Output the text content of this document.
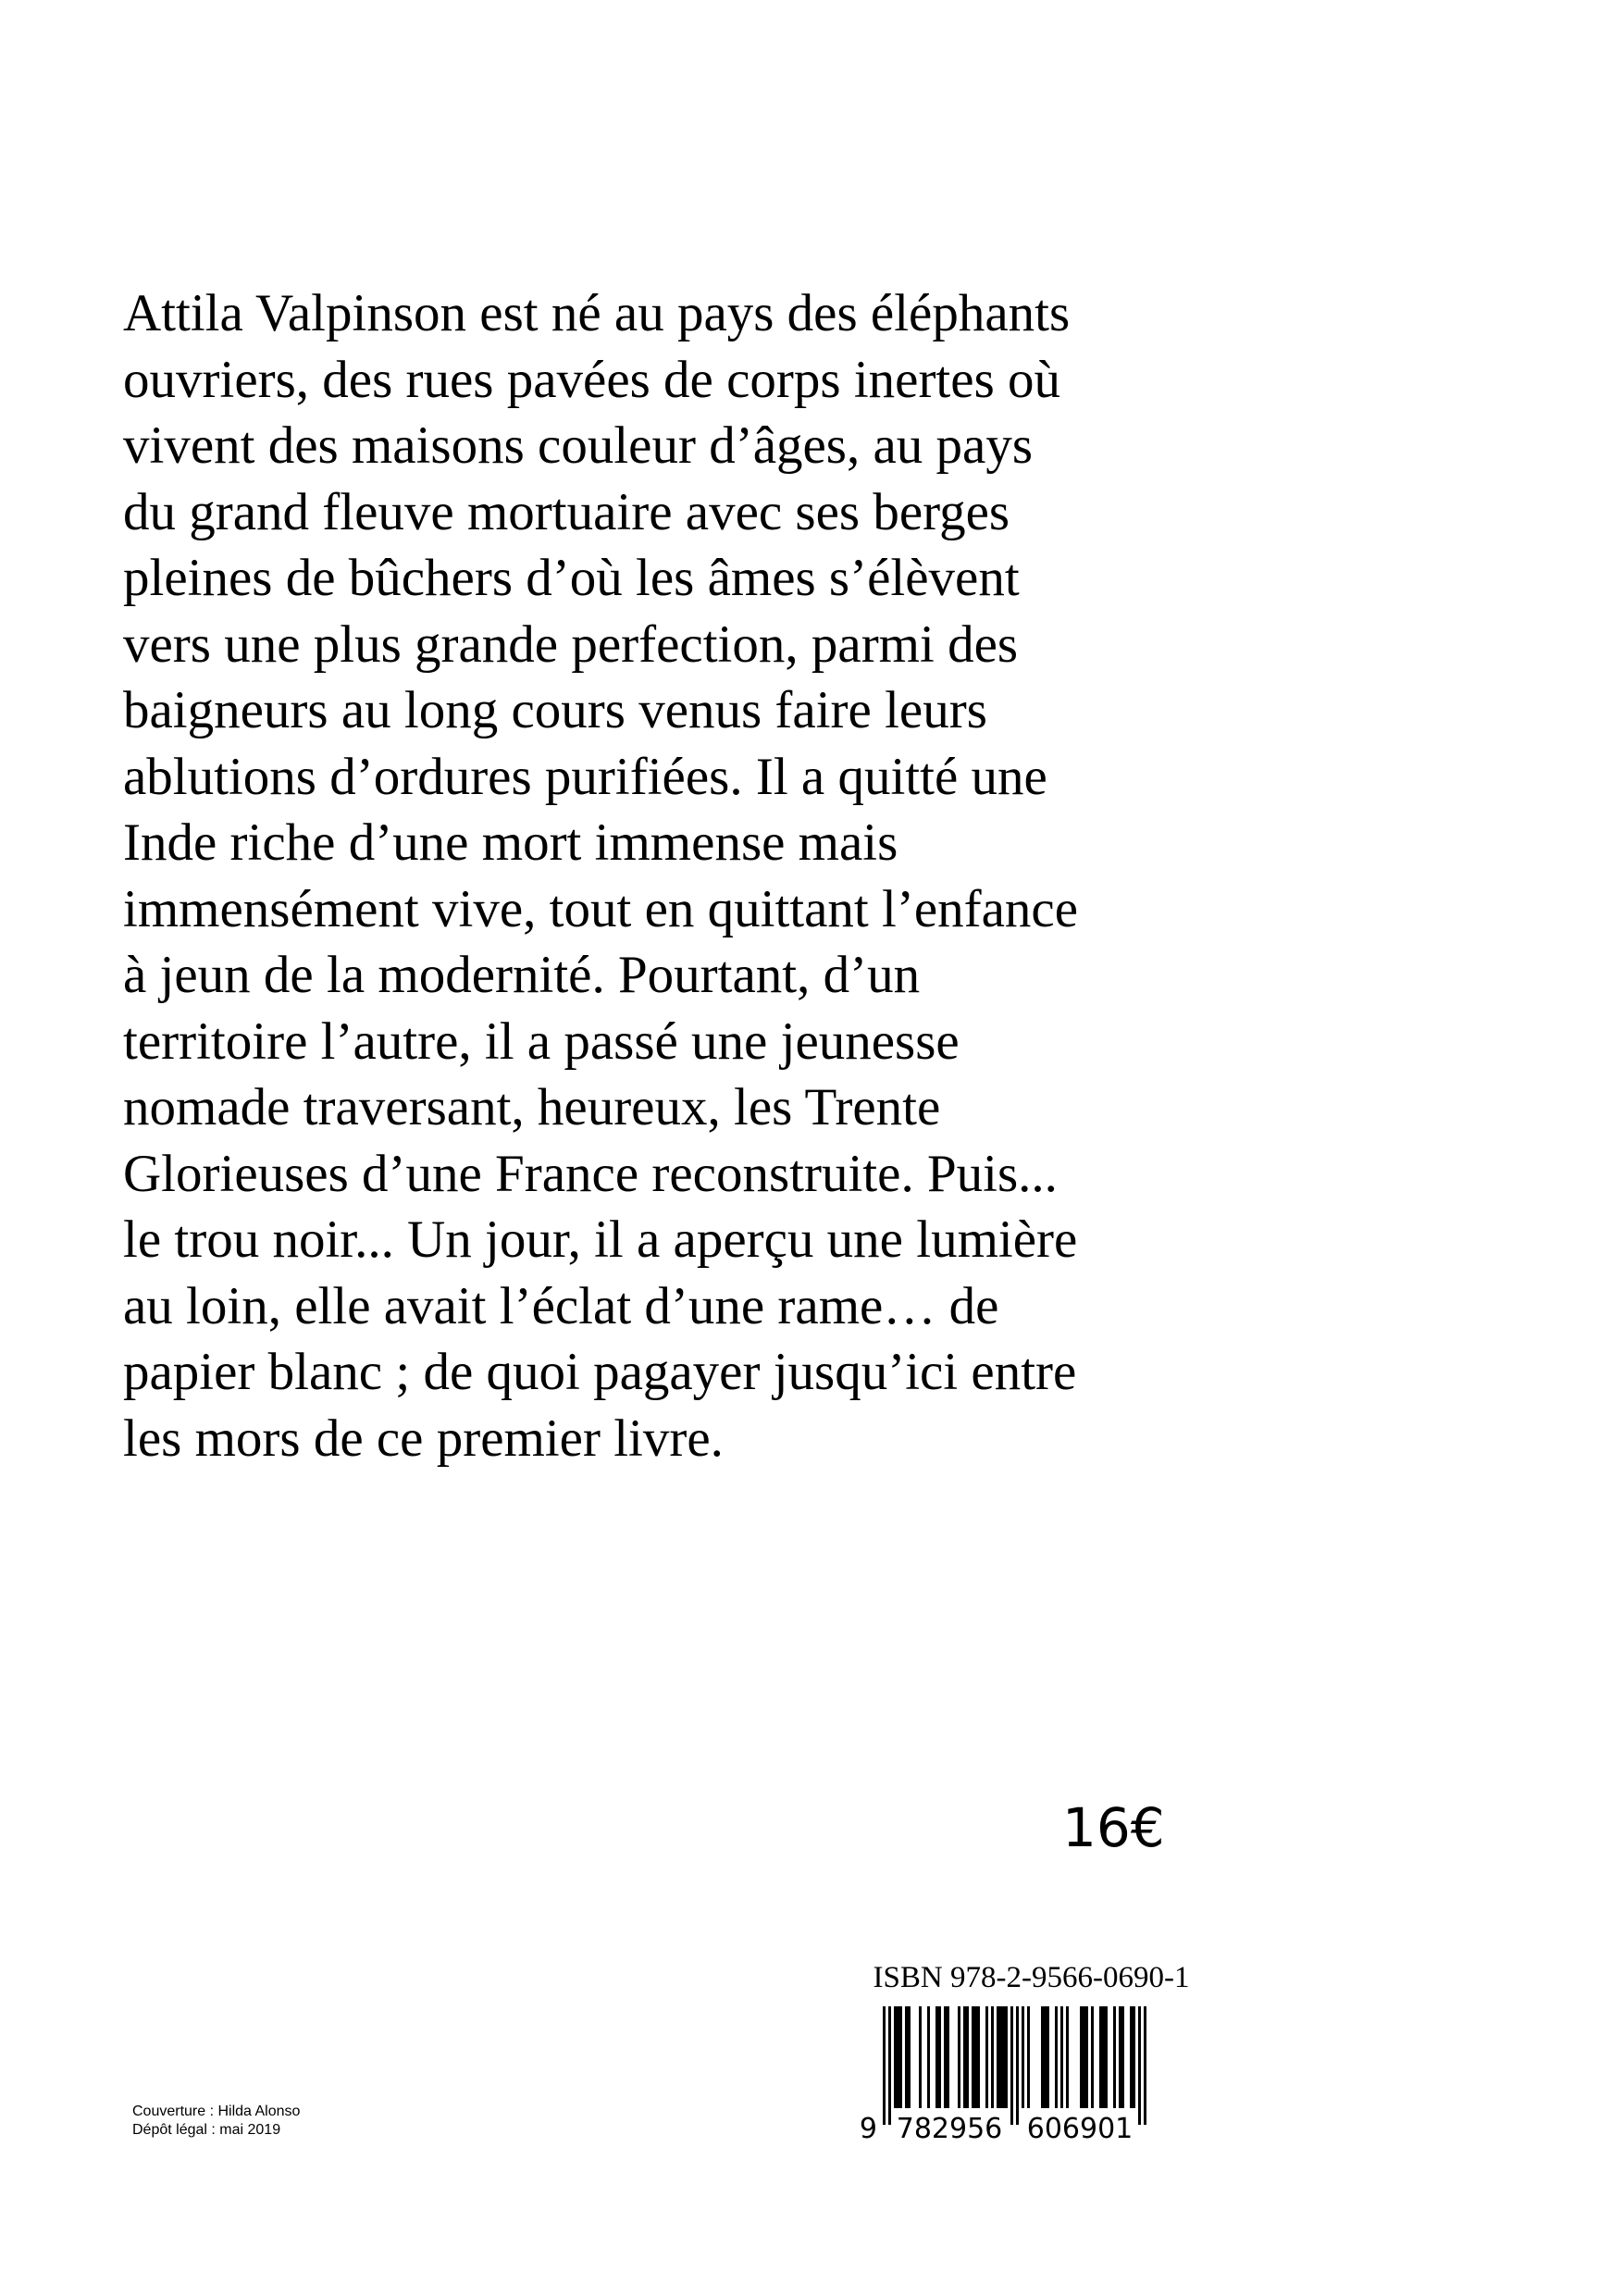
Attila Valpinson est né au pays des éléphants
ouvriers, des rues pavées de corps inertes où
vivent des maisons couleur d’âges, au pays
du grand fleuve mortuaire avec ses berges
pleines de bûchers d’où les âmes s’élèvent
vers une plus grande perfection, parmi des
baigneurs au long cours venus faire leurs
ablutions d’ordures purifiées. Il a quitté une
Inde riche d’une mort immense mais
immensément vive, tout en quittant l’enfance
à jeun de la modernité. Pourtant, d’un
territoire l’autre, il a passé une jeunesse
nomade traversant, heureux, les Trente
Glorieuses d’une France reconstruite. Puis...
le trou noir... Un jour, il a aperçu une lumière
au loin, elle avait l’éclat d’une rame… de
papier blanc ; de quoi pagayer jusqu’ici entre
les mors de ce premier livre.
16€
ISBN 978-2-9566-0690-1
9 782956 606901
Couverture : Hilda Alonso
Dépôt légal : mai 2019
